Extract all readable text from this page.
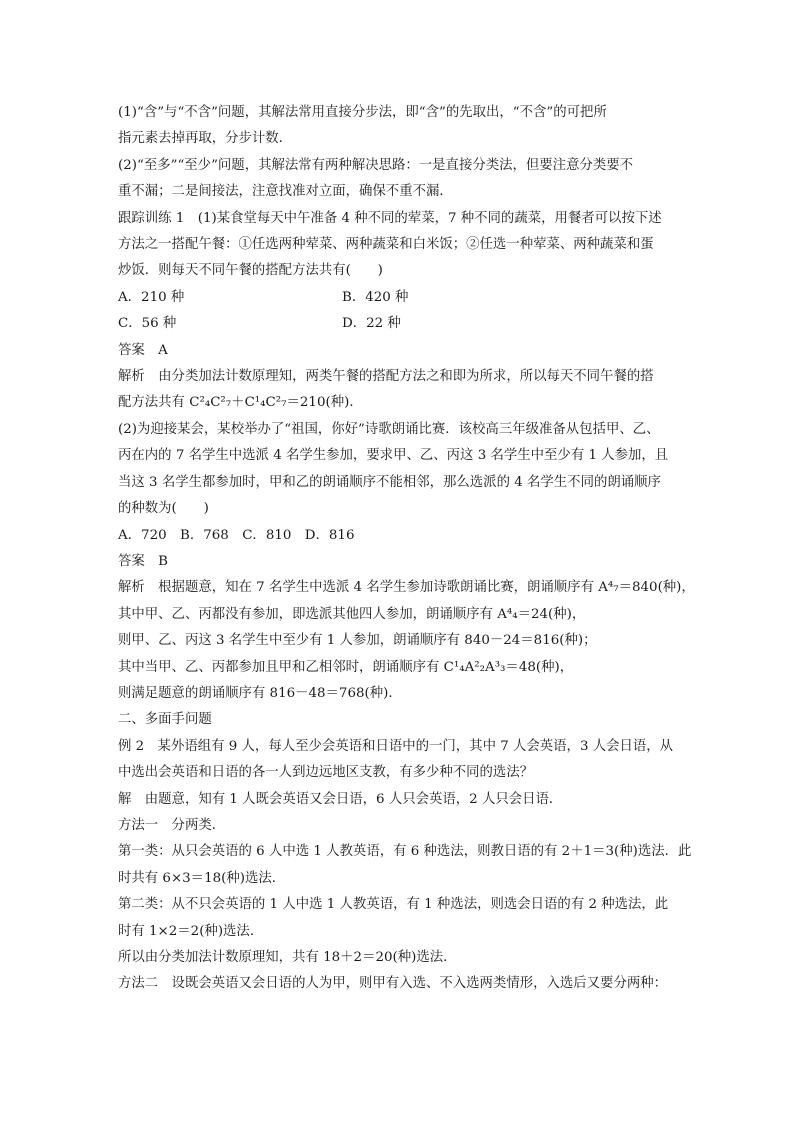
(1)“含”与“不含”问题，其解法常用直接分步法，即“含”的先取出，“不含”的可把所

指元素去掉再取，分步计数．

(2)“至多”“至少”问题，其解法常有两种解决思路：一是直接分类法，但要注意分类要不

重不漏；二是间接法，注意找准对立面，确保不重不漏．

跟踪训练 1　(1)某食堂每天中午准备 4 种不同的荤菜，7 种不同的蔬菜，用餐者可以按下述

方法之一搭配午餐：①任选两种荤菜、两种蔬菜和白米饭；②任选一种荤菜、两种蔬菜和蛋

炒饭．则每天不同午餐的搭配方法共有(　　)

A．210 种	B．420 种
C．56 种	D．22 种

答案　A

解析　由分类加法计数原理知，两类午餐的搭配方法之和即为所求，所以每天不同午餐的搭

配方法共有 C²₄C²₇＋C¹₄C²₇＝210(种)．

(2)为迎接某会，某校举办了“祖国，你好”诗歌朗诵比赛．该校高三年级准备从包括甲、乙、

丙在内的 7 名学生中选派 4 名学生参加，要求甲、乙、丙这 3 名学生中至少有 1 人参加，且

当这 3 名学生都参加时，甲和乙的朗诵顺序不能相邻，那么选派的 4 名学生不同的朗诵顺序

的种数为(　　)

A．720　B．768　C．810　D．816

答案　B

解析　根据题意，知在 7 名学生中选派 4 名学生参加诗歌朗诵比赛，朗诵顺序有 A⁴₇＝840(种)，

其中甲、乙、丙都没有参加，即选派其他四人参加，朗诵顺序有 A⁴₄＝24(种)，

则甲、乙、丙这 3 名学生中至少有 1 人参加，朗诵顺序有 840－24＝816(种)；

其中当甲、乙、丙都参加且甲和乙相邻时，朗诵顺序有 C¹₄A²₂A³₃＝48(种)，

则满足题意的朗诵顺序有 816－48＝768(种)．

二、多面手问题

例 2　某外语组有 9 人，每人至少会英语和日语中的一门，其中 7 人会英语，3 人会日语，从

中选出会英语和日语的各一人到边远地区支教，有多少种不同的选法？

解　由题意，知有 1 人既会英语又会日语，6 人只会英语，2 人只会日语．

方法一　分两类．

第一类：从只会英语的 6 人中选 1 人教英语，有 6 种选法，则教日语的有 2＋1＝3(种)选法．此

时共有 6×3＝18(种)选法．

第二类：从不只会英语的 1 人中选 1 人教英语，有 1 种选法，则选会日语的有 2 种选法，此

时有 1×2＝2(种)选法．

所以由分类加法计数原理知，共有 18＋2＝20(种)选法．

方法二　设既会英语又会日语的人为甲，则甲有入选、不入选两类情形，入选后又要分两种：
